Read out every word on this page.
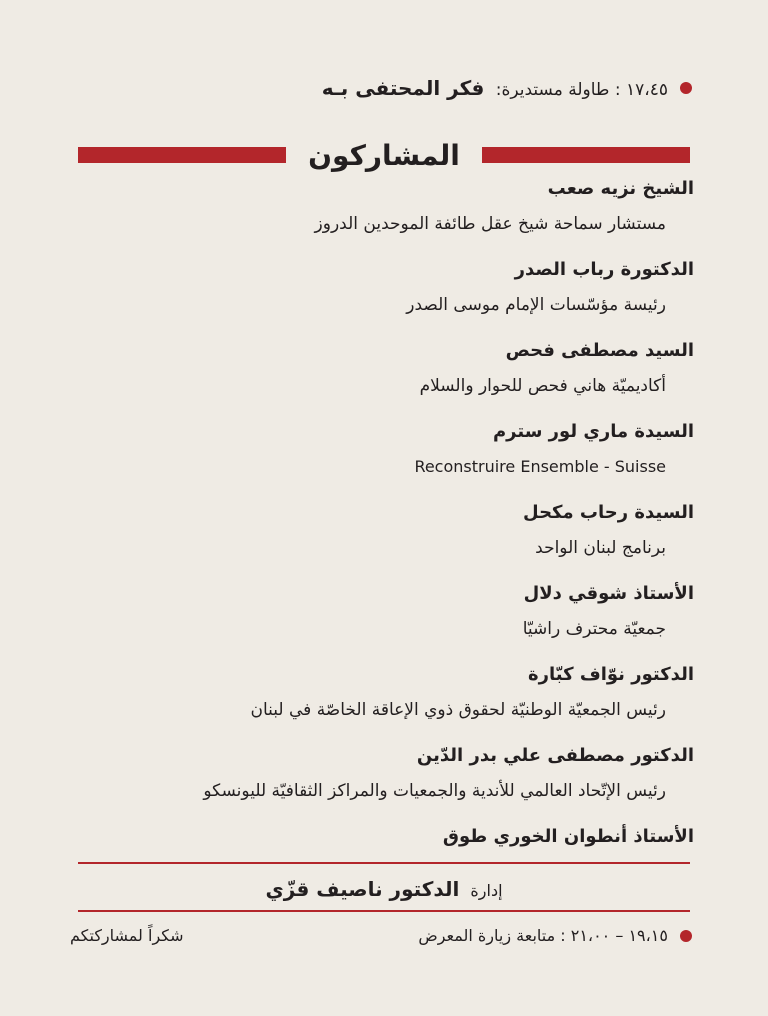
١٧،٤٥ : طاولة مستديرة: فكر المحتفى بـه
المشاركون
الشيخ نزيه صعب
مستشار سماحة شيخ عقل طائفة الموحدين الدروز
الدكتورة رباب الصدر
رئيسة مؤسّسات الإمام موسى الصدر
السيد مصطفى فحص
أكاديميّة هاني فحص للحوار والسلام
السيدة ماري لور سترم
Reconstruire Ensemble - Suisse
السيدة رحاب مكحل
برنامج لبنان الواحد
الأستاذ شوقي دلال
جمعيّة محترف راشيّا
الدكتور نوّاف كبّارة
رئيس الجمعيّة الوطنيّة لحقوق ذوي الإعاقة الخاصّة في لبنان
الدكتور مصطفى علي بدر الدّين
رئيس الإتّحاد العالمي للأندية والجمعيات والمراكز الثقافيّة لليونسكو
الأستاذ أنطوان الخوري طوق
إدارة الدكتور ناصيف قزّي
١٩،١٥ – ٢١،٠٠ : متابعة زيارة المعرض
شكراً لمشاركتكم
